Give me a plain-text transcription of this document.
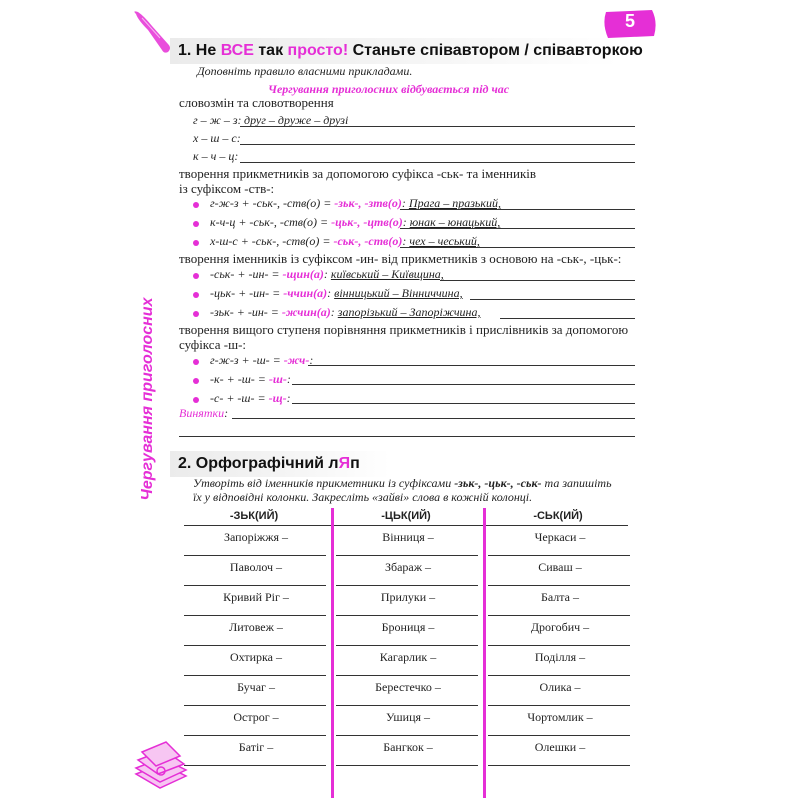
5
Чергування приголосних
1. Не ВСЕ так просто! Станьте співавтором / співавторкою
Доповніть правило власними прикладами.
Чергування приголосних відбувається під час
словозмін та словотворення
г – ж – з: друг – друже – друзі
х – ш – с:
к – ч – ц:
творення прикметників за допомогою суфікса -ськ- та іменників
із суфіксом -ств-:
г-ж-з + -ськ-, -ств(о) = -зьк-, -зтв(о): Прага – празький,
к-ч-ц + -ськ-, -ств(о) = -цьк-, -цтв(о): юнак – юнацький,
х-ш-с + -ськ-, -ств(о) = -ськ-, -ств(о): чех – чеський,
творення іменників із суфіксом -ин- від прикметників з основою на -ськ-, -цьк-:
-ськ- + -ин- = -щин(а): київський – Київщина,
-цьк- + -ин- = -ччин(а): вінницький – Вінниччина,
-зьк- + -ин- = -жчин(а): запорізький – Запоріжчина,
творення вищого ступеня порівняння прикметників і прислівників за допомогою
суфікса -ш-:
г-ж-з + -ш- = -жч-:
-к- + -ш- = -ш-:
-с- + -ш- = -щ-:
Винятки:
2. Орфографічний лЯп
Утворіть від іменників прикметники із суфіксами -зьк-, -цьк-, -ськ- та запишіть
їх у відповідні колонки. Закресліть «зайві» слова в кожній колонці.
-ЗЬК(ИЙ)	-ЦЬК(ИЙ)	-СЬК(ИЙ)
Запоріжжя –
Паволоч –
Кривий Ріг –
Литовеж –
Охтирка –
Бучаг –
Острог –
Батіг –
Вінниця –
Збараж –
Прилуки –
Брониця –
Кагарлик –
Берестечко –
Ушиця –
Бангкок –
Черкаси –
Сиваш –
Балта –
Дрогобич –
Поділля –
Олика –
Чортомлик –
Олешки –
